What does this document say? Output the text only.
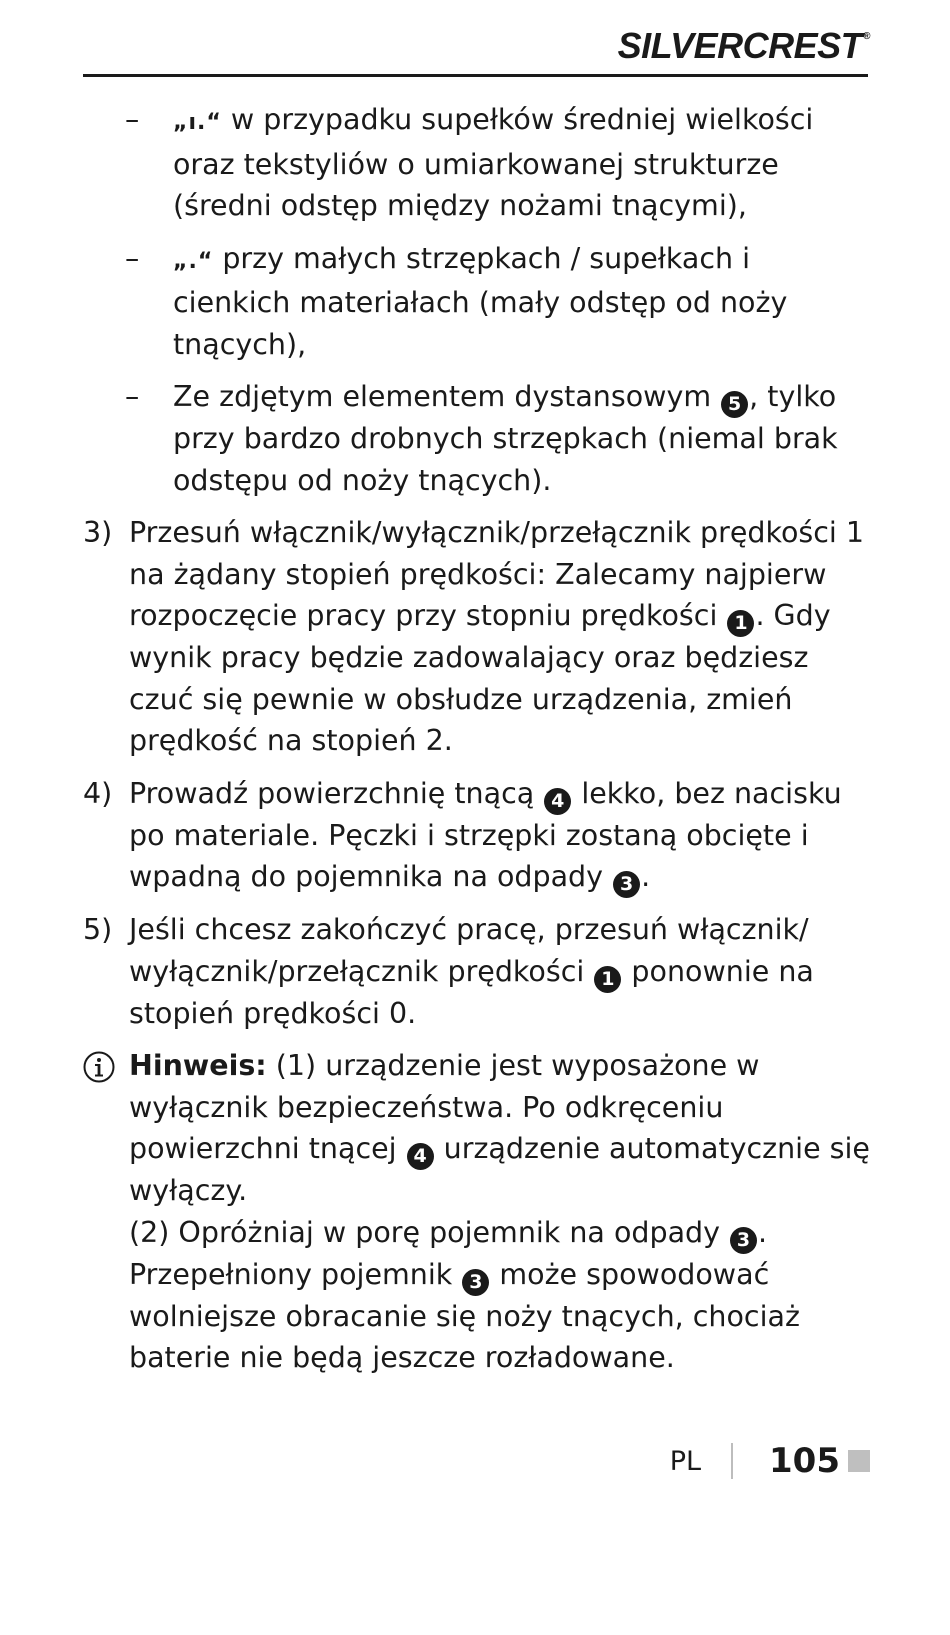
SILVERCREST®
– „ı.“ w przypadku supełków średniej wielkości oraz tekstyliów o umiarkowanej strukturze (średni odstęp między nożami tnącymi),
– „.“ przy małych strzępkach / supełkach i cienkich materiałach (mały odstęp od noży tnących),
– Ze zdjętym elementem dystansowym 5 , tylko przy bardzo drobnych strzępkach (niemal brak odstępu od noży tnących).
3) Przesuń włącznik/wyłącznik/przełącznik prędkości 1 na żądany stopień prędkości: Zalecamy najpierw rozpoczęcie pracy przy stopniu prędkości 1 . Gdy wynik pracy będzie zadowalający oraz będziesz czuć się pewnie w obsłudze urządzenia, zmień prędkość na stopień 2.
4) Prowadź powierzchnię tnącą 4 lekko, bez nacisku po materiale. Pęczki i strzępki zostaną obcięte i wpadną do pojemnika na odpady 3 .
5) Jeśli chcesz zakończyć pracę, przesuń włącznik/ wyłącznik/przełącznik prędkości 1 ponownie na stopień prędkości 0.
Hinweis: (1) urządzenie jest wyposażone w wyłącznik bezpieczeństwa. Po odkręceniu powierzchni tnącej 4 urządzenie automatycznie się wyłączy.
(2) Opróżniaj w porę pojemnik na odpady 3 . Przepełniony pojemnik 3 może spowodować wolniejsze obracanie się noży tnących, chociaż baterie nie będą jeszcze rozładowane.
PL 105
